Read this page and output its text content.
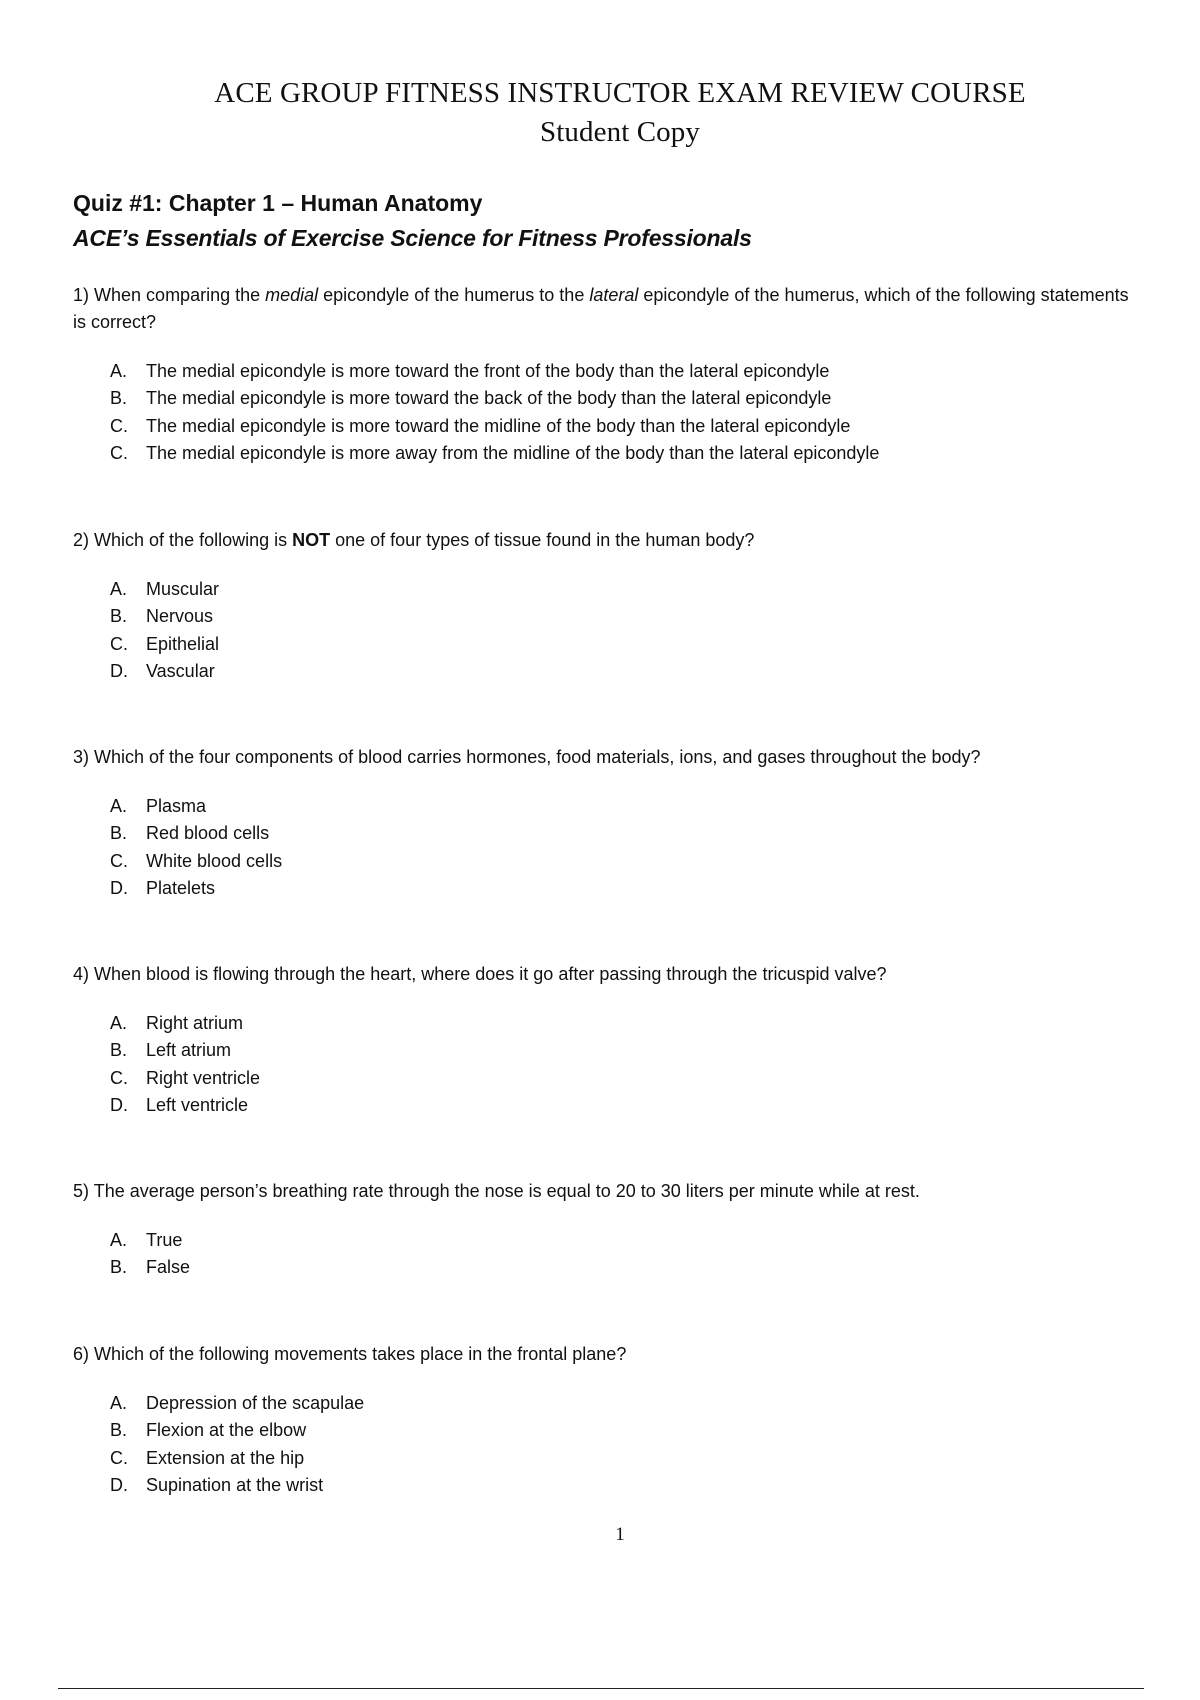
ACE GROUP FITNESS INSTRUCTOR EXAM REVIEW COURSE
Student Copy
Quiz #1: Chapter 1 – Human Anatomy
ACE’s Essentials of Exercise Science for Fitness Professionals

1) When comparing the medial epicondyle of the humerus to the lateral epicondyle of the humerus, which of the following statements is correct?

A.	The medial epicondyle is more toward the front of the body than the lateral epicondyle
B.	The medial epicondyle is more toward the back of the body than the lateral epicondyle
C.	The medial epicondyle is more toward the midline of the body than the lateral epicondyle
C.	The medial epicondyle is more away from the midline of the body than the lateral epicondyle

2) Which of the following is NOT one of four types of tissue found in the human body?

A.	Muscular
B.	Nervous
C.	Epithelial
D.	Vascular

3) Which of the four components of blood carries hormones, food materials, ions, and gases throughout the body?

A.	Plasma
B.	Red blood cells
C.	White blood cells
D.	Platelets

4) When blood is flowing through the heart, where does it go after passing through the tricuspid valve?

A.	Right atrium
B.	Left atrium
C.	Right ventricle
D.	Left ventricle

5) The average person’s breathing rate through the nose is equal to 20 to 30 liters per minute while at rest.

A.	True
B.	False

6) Which of the following movements takes place in the frontal plane?

A.	Depression of the scapulae
B.	Flexion at the elbow
C.	Extension at the hip
D.	Supination at the wrist
1
